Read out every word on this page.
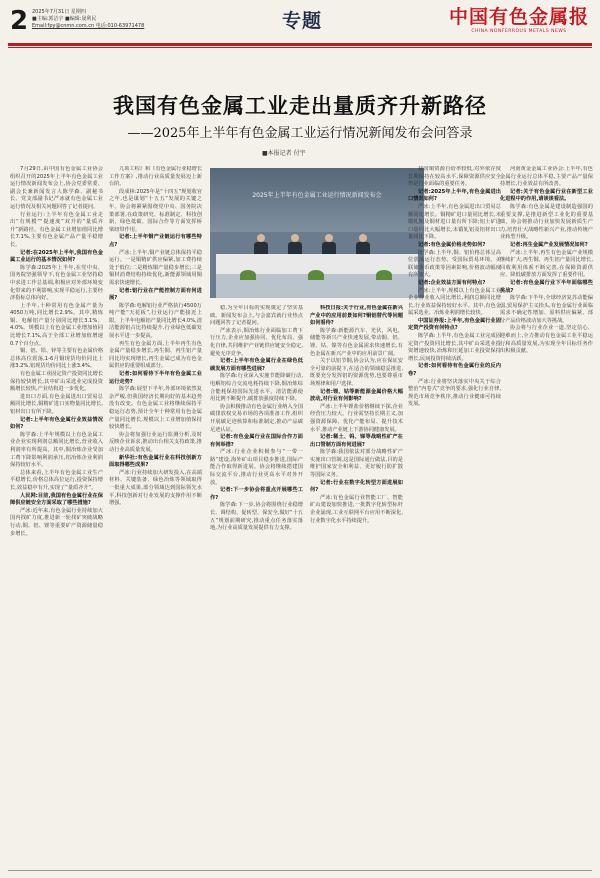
2 2025年7月31日 星期四
■主编:郭洁宇 ■编辑:晟利民
Email:fpy@cnmn.com.cn 电话:010-63971478	专题	中国有色金属报
CHINA NONFERROUS METALS NEWS
我国有色金属工业走出量质齐升新路径
——2025年上半年有色金属工业运行情况新闻发布会问答录
■本报记者 付宇
2025年上半年有色金属工业运行情况新闻发布会

7月29日,由中国有色金属工业协会组织召开的2025年上半年有色金属工业运行情况新闻发布会上,协会党委常委、副会长兼新闻发言人陈学森、副秘书长、党支部副书记严冰就有色金属工业运行情况及相关问题回答了记者提问。

行业运行:上半年有色金属工业走出“有规模”“提速度”双升的“量质齐升”新路径。有色金属工业增加值同比增长7.1%,主要有色金属产品产量平稳增长。

记者:在2025年上半年,我国有色金属工业运行的基本情况如何?

陈学森:2025年上半年,在党中央、国务院坚强领导下,有色金属工业坚持稳中求进工作总基调,积极应对外部环境变化带来的不利影响,实现平稳运行,主要经济指标总体向好。

上半年,十种常用有色金属产量为4050万吨,同比增长2.9%。其中,精炼铜、电解铝产量分别同比增长3.1%、4.0%。规模以上有色金属工业增加值同比增长7.1%,高于全部工业增加值增速0.7个百分点。

铜、铝、铅、锌等主要有色金属价格总体高位震荡,1-6月铜现货均价同比上涨3.2%,铝现货均价同比上涨3.4%。

有色金属工业固定资产投资同比增长保持较快增长,其中矿山采选业完成投资额增长较快,产业结构进一步优化。

进出口方面,有色金属进出口贸易总额同比增长,铜精矿进口实物量同比增长,铝材出口有所下降。

记者:上半年有色金属行业效益情况如何?

陈学森:上半年规模以上有色金属工业企业实现利润总额同比增长,营业收入利润率有所提高。其中,铜冶炼企业受加工费下降影响利润承压,铝冶炼企业利润保持较好水平。

总体来看,上半年有色金属工业生产平稳增长,价格总体高位运行,投资保持增长,效益稳中有升,实现了“量质齐升”。

人民网:目前,我国有色金属行业在保障供应链安全方面采取了哪些措施?

严冰:近年来,有色金属行业持续加大国内找矿力度,推进新一轮找矿突破战略行动,铜、铝、锂等重要矿产资源储量稳步增长。

九项工程》和《有色金属行业稳增长工作方案》,推动行业高质量发展迈上新台阶。

段成林:2025年是“十四五”规划收官之年,也是谋划“十五五”发展的关键之年。协会将紧紧围绕党中央、国务院决策部署,在政策研究、标准制定、科技创新、绿色低碳、国际合作等方面发挥桥梁纽带作用。

记者:上半年铜产业链运行有哪些特点?

严冰:上半年,铜产业链总体保持平稳运行。一是铜精矿供应偏紧,加工费持续处于低位;二是精炼铜产量稳步增长;三是铜材消费结构持续优化,新能源领域用铜需求快速增长。

记者:铝行业在产能控制方面有何进展?

陈学森:电解铝行业严格执行4500万吨产能“天花板”,行业运行产能接近上限。上半年电解铝产量同比增长4.0%,清洁能源铝占比持续提升,行业绿色低碳发展水平进一步提高。

再生有色金属方面,上半年再生有色金属产量稳步增长,再生铜、再生铝产量同比均实现增长,再生金属已成为有色金属供应的重要组成部分。

记者:如何看待下半年有色金属工业运行走势?

陈学森:展望下半年,外部环境依然复杂严峻,但我国经济长期向好的基本趋势没有改变。有色金属工业将继续保持平稳运行态势,预计全年十种常用有色金属产量同比增长,规模以上工业增加值保持较快增长。

协会将加强行业运行监测分析,及时反映企业诉求,推动出台相关支持政策,推动行业高质量发展。

新华社:有色金属行业在科技创新方面取得哪些成果?

严冰:行业持续加大研发投入,在高端材料、关键装备、绿色冶炼等领域取得一批重大成果,部分领域达到国际领先水平,科技创新对行业发展的支撑作用不断增强。

稳,为全年目标的实现奠定了坚实基础。新闻发布会上,与会嘉宾就行业热点问题回答了记者提问。

严冰表示,铜冶炼行业面临加工费下行压力,企业应加强协同、优化布局、强化自律,共同维护产业链供应链安全稳定,避免无序竞争。

记者:上半年有色金属行业在绿色低碳发展方面有哪些进展?

陈学森:行业深入实施节能降碳行动,电解铝综合交流电耗持续下降,铜冶炼综合能耗保持国际先进水平。清洁能源使用比例不断提升,碳排放强度持续下降。

协会积极推动有色金属行业纳入全国碳排放权交易市场的各项准备工作,组织开展碳足迹核算和标准制定,推动产品碳足迹认证。

记者:有色金属行业在国际合作方面有何举措?

严冰:行业企业积极参与“一带一路”建设,海外矿山项目稳步推进,国际产能合作取得新进展。协会将继续搭建国际交流平台,推动行业更高水平对外开放。

记者:下一步协会将重点开展哪些工作?

陈学森:下一步,协会将围绕行业稳增长、调结构、促转型、保安全,做好“十五五”规划前期研究,推动重点任务落实落地,为行业高质量发展提供有力支撑。

科技日报:关于行业,有色金属在新兴产业中的应用前景如何?铜铝替代等问题如何看待?

陈学森:新能源汽车、光伏、风电、储能等新兴产业快速发展,带动铜、铝、锂、钴、镍等有色金属需求快速增长,有色金属在新兴产业中的应用前景广阔。

关于以铝节铜,协会认为,应在保证安全可靠的前提下,在适合的领域稳妥推进,既要充分发挥铝的资源优势,也要尊重市场规律和用户选择。

记者:锂、钴等新能源金属价格大幅波动,对行业有何影响?

严冰:上半年锂盐价格继续下探,企业经营压力较大。行业需坚持长期主义,加强资源保障、优化产能布局、提升技术水平,推动产业链上下游协同健康发展。

记者:稀土、钨、锑等战略性矿产在出口管制方面有何进展?

陈学森:我国依法对部分战略性矿产实施出口管制,这是国际通行做法,目的是维护国家安全和利益、更好履行防扩散等国际义务。

记者:行业在数字化转型方面进展如何?

严冰:有色金属行业智能工厂、智能矿山建设加快推进,一批数字化转型标杆企业涌现,工业互联网平台应用不断深化,行业数字化水平持续提升。

我国铜资源自给率较低,对外依存度长期保持在较高水平,保障资源供应安全仍是行业面临的重要任务。

记者:2025年上半年,有色金属进出口情况如何?

严冰:上半年,有色金属进出口贸易总额同比增长。铜精矿进口量同比增长,未锻轧铜及铜材进口量有所下降;铝土矿进口量同比大幅增长,未锻轧铝及铝材出口量同比下降。

记者:有色金属价格走势如何?

陈学森:上半年,铜、铝价格总体呈高位震荡运行态势。受国际贸易环境、美联储货币政策等因素影响,价格波动幅度有所加大。

记者:企业效益方面有何特点?

严冰:上半年,规模以上有色金属工业企业营业收入同比增长,利润总额同比增长,行业效益保持较好水平。其中,有色金属采选业、冶炼业利润增长较快。

中国证券报:上半年,有色金属行业固定资产投资有何特点?

陈学森:上半年,有色金属工业完成固定资产投资同比增长,其中矿山采选业投资增速较快,冶炼和压延加工业投资保持增长,民间投资持续活跃。

记者:如何看待有色金属行业的反内卷?

严冰:行业将坚决落实中央关于综合整治“内卷式”竞争的要求,强化行业自律,规范市场竞争秩序,推动行业健康可持续发展。

河南黄金金属工业协会:上半年,有色金属行业运行总体平稳,主要产品产量保持增长,行业效益有所改善。

记者:关于有色金属行业在新型工业化进程中的作用,请谈谈看法。

陈学森:有色金属是建设制造强国的重要支撑,是推进新型工业化的重要基础。协会将推动行业加快发展新质生产力,培育壮大战略性新兴产业,推动传统产业转型升级。

记者:再生金属产业发展情况如何?

严冰:上半年,再生有色金属产业规模继续扩大,再生铜、再生铝产量同比增长,回收利用体系不断完善,在保障资源供应、降低碳排放方面发挥了重要作用。

记者:有色金属行业下半年面临哪些挑战?

陈学森:下半年,全球经济复苏动能偏弱,贸易保护主义抬头,有色金属行业面临需求不确定性增加、原料供应偏紧、部分产品价格波动加大等挑战。

协会将与行业企业一道,坚定信心、迎难而上,全力推动有色金属工业平稳运行和高质量发展,为实现全年目标任务作出积极贡献。
